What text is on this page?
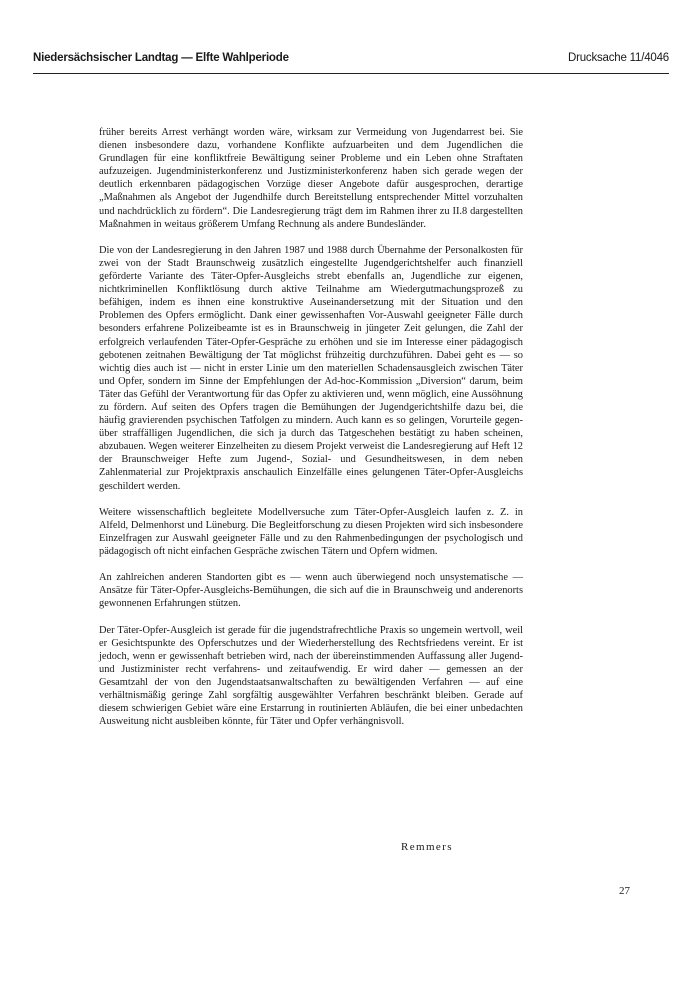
Niedersächsischer Landtag — Elfte Wahlperiode	Drucksache 11/4046

früher bereits Arrest verhängt worden wäre, wirksam zur Vermeidung von Jugendarrest bei. Sie dienen insbesondere dazu, vorhandene Konflikte aufzuarbeiten und dem Jugendlichen die Grundlagen für eine konfliktfreie Bewältigung seiner Probleme und ein Leben ohne Straftaten aufzuzeigen. Jugendministerkonferenz und Justizministerkonferenz haben sich gerade wegen der deutlich erkennbaren pädagogischen Vorzüge dieser Angebote dafür ausgesprochen, derartige „Maßnahmen als Angebot der Jugendhilfe durch Bereitstellung entsprechender Mittel vorzuhalten und nachdrücklich zu fördern“. Die Landesregierung trägt dem im Rahmen ihrer zu II.8 dargestellten Maßnahmen in weitaus größerem Umfang Rechnung als andere Bundesländer.

Die von der Landesregierung in den Jahren 1987 und 1988 durch Übernahme der Personalkosten für zwei von der Stadt Braunschweig zusätzlich eingestellte Jugendgerichtshelfer auch finanziell geförderte Variante des Täter-Opfer-Ausgleichs strebt ebenfalls an, Jugendliche zur eigenen, nichtkriminellen Konfliktlösung durch aktive Teilnahme am Wiedergutmachungsprozeß zu befähigen, indem es ihnen eine konstruktive Auseinandersetzung mit der Situation und den Problemen des Opfers ermöglicht. Dank einer gewissenhaften Vor-Auswahl geeigneter Fälle durch besonders erfahrene Polizeibeamte ist es in Braunschweig in jüngeter Zeit gelungen, die Zahl der erfolgreich verlaufenden Täter-Opfer-Gespräche zu erhöhen und sie im Interesse einer pädagogisch gebotenen zeitnahen Bewältigung der Tat möglichst frühzeitig durchzuführen. Dabei geht es — so wichtig dies auch ist — nicht in erster Linie um den materiellen Schadensausgleich zwischen Täter und Opfer, sondern im Sinne der Empfehlungen der Ad-hoc-Kommission „Diversion“ darum, beim Täter das Gefühl der Verantwortung für das Opfer zu aktivieren und, wenn möglich, eine Aussöhnung zu fördern. Auf seiten des Opfers tragen die Bemühungen der Jugendgerichtshilfe dazu bei, die häufig gravierenden psychischen Tatfolgen zu mindern. Auch kann es so gelingen, Vorurteile gegenüber straffälligen Jugendlichen, die sich ja durch das Tatgeschehen bestätigt zu haben scheinen, abzubauen. Wegen weiterer Einzelheiten zu diesem Projekt verweist die Landesregierung auf Heft 12 der Braunschweiger Hefte zum Jugend-, Sozial- und Gesundheitswesen, in dem neben Zahlenmaterial zur Projektpraxis anschaulich Einzelfälle eines gelungenen Täter-Opfer-Ausgleichs geschildert werden.

Weitere wissenschaftlich begleitete Modellversuche zum Täter-Opfer-Ausgleich laufen z. Z. in Alfeld, Delmenhorst und Lüneburg. Die Begleitforschung zu diesen Projekten wird sich insbesondere Einzelfragen zur Auswahl geeigneter Fälle und zu den Rahmenbedingungen der psychologisch und pädagogisch oft nicht einfachen Gespräche zwischen Tätern und Opfern widmen.

An zahlreichen anderen Standorten gibt es — wenn auch überwiegend noch unsystematische — Ansätze für Täter-Opfer-Ausgleichs-Bemühungen, die sich auf die in Braunschweig und anderenorts gewonnenen Erfahrungen stützen.

Der Täter-Opfer-Ausgleich ist gerade für die jugendstrafrechtliche Praxis so ungemein wertvoll, weil er Gesichtspunkte des Opferschutzes und der Wiederherstellung des Rechtsfriedens vereint. Er ist jedoch, wenn er gewissenhaft betrieben wird, nach der übereinstimmenden Auffassung aller Jugend- und Justizminister recht verfahrens- und zeitaufwendig. Er wird daher — gemessen an der Gesamtzahl der von den Jugendstaatsanwaltschaften zu bewältigenden Verfahren — auf eine verhältnismäßig geringe Zahl sorgfältig ausgewählter Verfahren beschränkt bleiben. Gerade auf diesem schwierigen Gebiet wäre eine Erstarrung in routinierten Abläufen, die bei einer unbedachten Ausweitung nicht ausbleiben könnte, für Täter und Opfer verhängnisvoll.

Remmers
27
